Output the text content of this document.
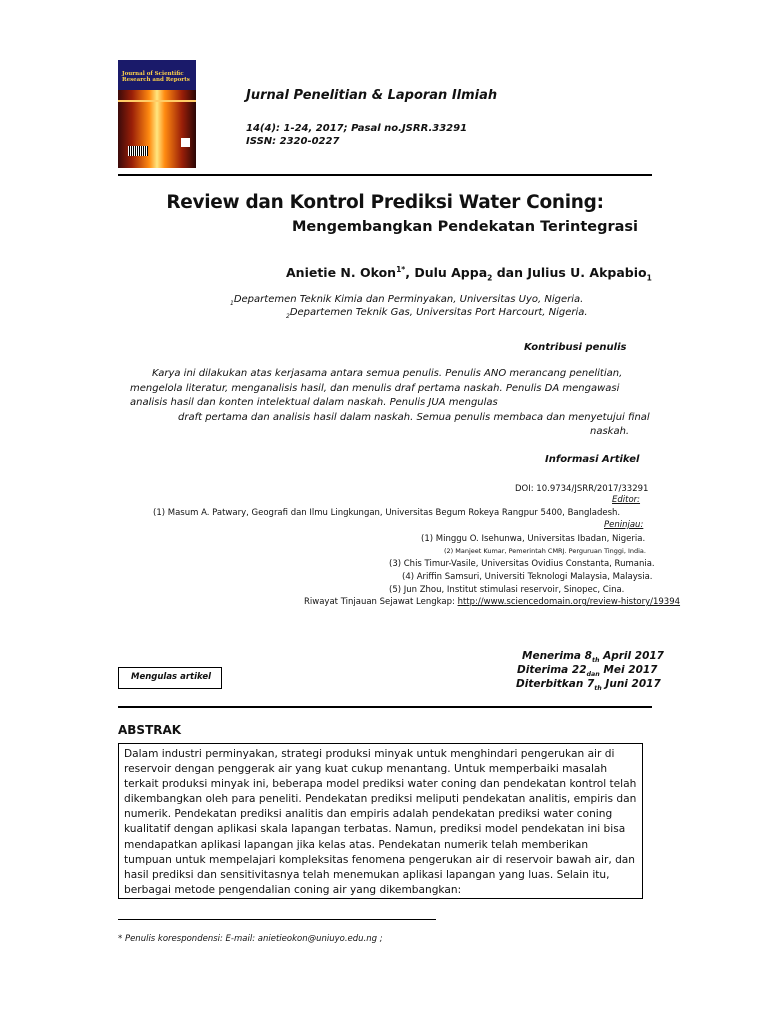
Journal of Scientific Research and Reports
Jurnal Penelitian & Laporan Ilmiah
14(4): 1-24, 2017; Pasal no.JSRR.33291
ISSN: 2320-0227
Review dan Kontrol Prediksi Water Coning:
Mengembangkan Pendekatan Terintegrasi
Anietie N. Okon$^{1*}$, Dulu Appa$_2$ dan Julius U. Akpabio$_1$
$_1$Departemen Teknik Kimia dan Perminyakan, Universitas Uyo, Nigeria.
$_2$Departemen Teknik Gas, Universitas Port Harcourt, Nigeria.
Kontribusi penulis
Karya ini dilakukan atas kerjasama antara semua penulis. Penulis ANO merancang penelitian,
mengelola literatur, menganalisis hasil, dan menulis draf pertama naskah. Penulis DA mengawasi
analisis hasil dan konten intelektual dalam naskah. Penulis JUA mengulas
draft pertama dan analisis hasil dalam naskah. Semua penulis membaca dan menyetujui final
naskah.
Informasi Artikel
DOI: 10.9734/JSRR/2017/33291
Editor:
(1) Masum A. Patwary, Geografi dan Ilmu Lingkungan, Universitas Begum Rokeya Rangpur 5400, Bangladesh.
Peninjau:
(1) Minggu O. Isehunwa, Universitas Ibadan, Nigeria.
(2) Manjeet Kumar, Pemerintah CMRJ. Perguruan Tinggi, India.
(3) Chis Timur-Vasile, Universitas Ovidius Constanta, Rumania.
(4) Ariffin Samsuri, Universiti Teknologi Malaysia, Malaysia.
(5) Jun Zhou, Institut stimulasi reservoir, Sinopec, Cina.
Riwayat Tinjauan Sejawat Lengkap: http://www.sciencedomain.org/review-history/19394
Menerima $8_{th}$ April 2017
Diterima $22_{dan}$ Mei 2017
Diterbitkan $7_{th}$ Juni 2017
Mengulas artikel
ABSTRAK
Dalam industri perminyakan, strategi produksi minyak untuk menghindari pengerukan air di reservoir dengan penggerak air yang kuat cukup menantang. Untuk memperbaiki masalah terkait produksi minyak ini, beberapa model prediksi water coning dan pendekatan kontrol telah dikembangkan oleh para peneliti. Pendekatan prediksi meliputi pendekatan analitis, empiris dan numerik. Pendekatan prediksi analitis dan empiris adalah pendekatan prediksi water coning kualitatif dengan aplikasi skala lapangan terbatas. Namun, prediksi model pendekatan ini bisa mendapatkan aplikasi lapangan jika kelas atas. Pendekatan numerik telah memberikan tumpuan untuk mempelajari kompleksitas fenomena pengerukan air di reservoir bawah air, dan hasil prediksi dan sensitivitasnya telah menemukan aplikasi lapangan yang luas. Selain itu, berbagai metode pengendalian coning air yang dikembangkan:
* Penulis korespondensi: E-mail: anietieokon@uniuyo.edu.ng ;
